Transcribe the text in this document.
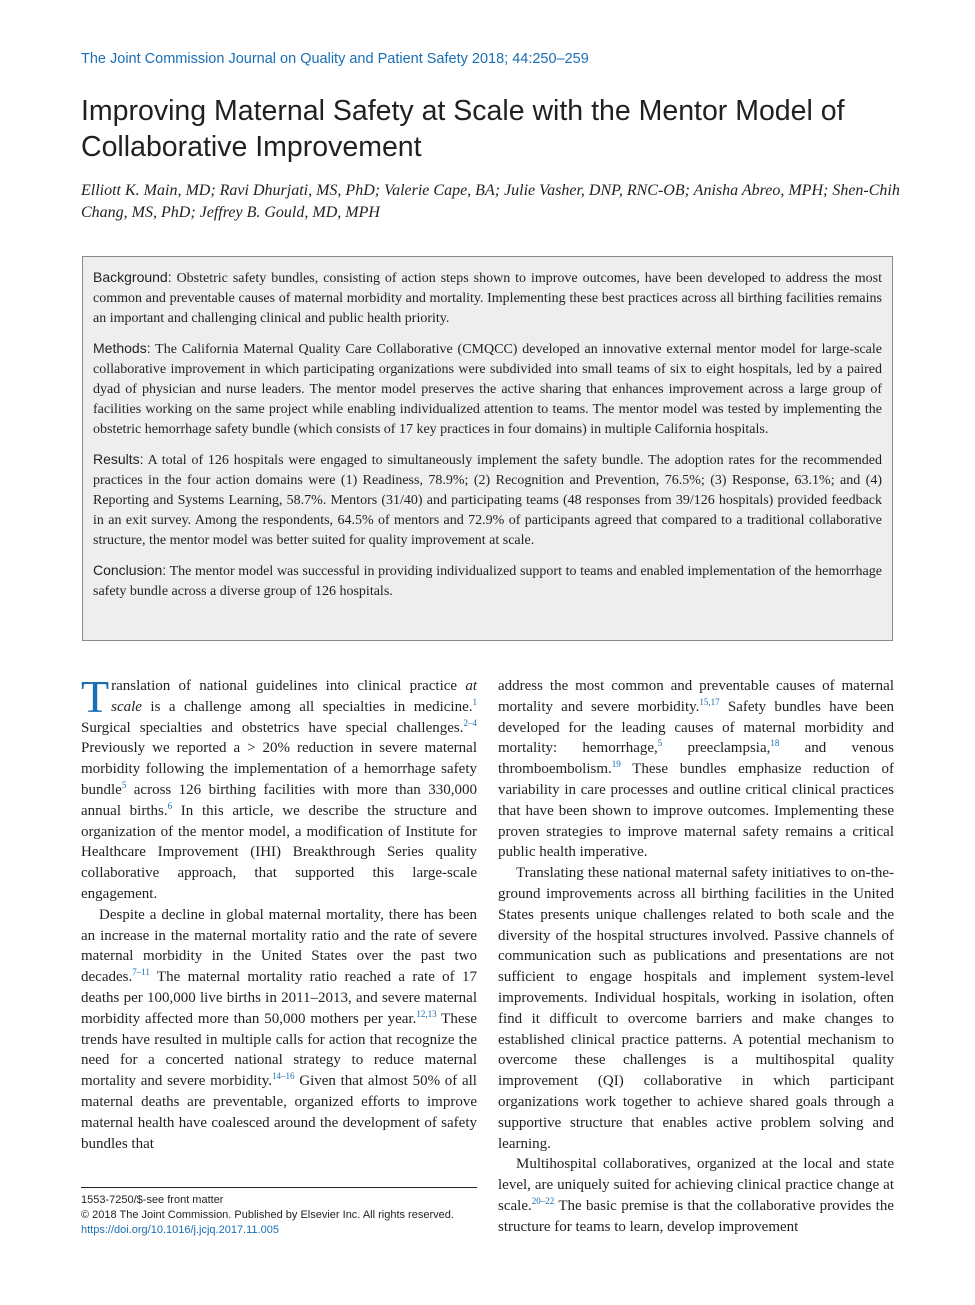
The Joint Commission Journal on Quality and Patient Safety 2018; 44:250–259
Improving Maternal Safety at Scale with the Mentor Model of Collaborative Improvement
Elliott K. Main, MD; Ravi Dhurjati, MS, PhD; Valerie Cape, BA; Julie Vasher, DNP, RNC-OB; Anisha Abreo, MPH; Shen-Chih Chang, MS, PhD; Jeffrey B. Gould, MD, MPH

Background: Obstetric safety bundles, consisting of action steps shown to improve outcomes, have been developed to address the most common and preventable causes of maternal morbidity and mortality. Implementing these best practices across all birthing facilities remains an important and challenging clinical and public health priority.

Methods: The California Maternal Quality Care Collaborative (CMQCC) developed an innovative external mentor model for large-scale collaborative improvement in which participating organizations were subdivided into small teams of six to eight hospitals, led by a paired dyad of physician and nurse leaders. The mentor model preserves the active sharing that enhances improvement across a large group of facilities working on the same project while enabling individualized attention to teams. The mentor model was tested by implementing the obstetric hemorrhage safety bundle (which consists of 17 key practices in four domains) in multiple California hospitals.

Results: A total of 126 hospitals were engaged to simultaneously implement the safety bundle. The adoption rates for the recommended practices in the four action domains were (1) Readiness, 78.9%; (2) Recognition and Prevention, 76.5%; (3) Response, 63.1%; and (4) Reporting and Systems Learning, 58.7%. Mentors (31/40) and participating teams (48 responses from 39/126 hospitals) provided feedback in an exit survey. Among the respondents, 64.5% of mentors and 72.9% of participants agreed that compared to a traditional collaborative structure, the mentor model was better suited for quality improvement at scale.

Conclusion: The mentor model was successful in providing individualized support to teams and enabled implementation of the hemorrhage safety bundle across a diverse group of 126 hospitals.

Translation of national guidelines into clinical practice at scale is a challenge among all specialties in medicine.$^1$ Surgical specialties and obstetrics have special challenges.$^{2-4}$ Previously we reported a > 20% reduction in severe maternal morbidity following the implementation of a hemorrhage safety bundle$^5$ across 126 birthing facilities with more than 330,000 annual births.$^6$ In this article, we describe the structure and organization of the mentor model, a modification of Institute for Healthcare Improvement (IHI) Breakthrough Series quality collaborative approach, that supported this large-scale engagement.

Despite a decline in global maternal mortality, there has been an increase in the maternal mortality ratio and the rate of severe maternal morbidity in the United States over the past two decades.$^{7-11}$ The maternal mortality ratio reached a rate of 17 deaths per 100,000 live births in 2011–2013, and severe maternal morbidity affected more than 50,000 mothers per year.$^{12,13}$ These trends have resulted in multiple calls for action that recognize the need for a concerted national strategy to reduce maternal mortality and severe morbidity.$^{14-16}$ Given that almost 50% of all maternal deaths are preventable, organized efforts to improve maternal health have coalesced around the development of safety bundles that

address the most common and preventable causes of maternal mortality and severe morbidity.$^{15,17}$ Safety bundles have been developed for the leading causes of maternal morbidity and mortality: hemorrhage,$^5$ preeclampsia,$^{18}$ and venous thromboembolism.$^{19}$ These bundles emphasize reduction of variability in care processes and outline critical clinical practices that have been shown to improve outcomes. Implementing these proven strategies to improve maternal safety remains a critical public health imperative.

Translating these national maternal safety initiatives to on-the-ground improvements across all birthing facilities in the United States presents unique challenges related to both scale and the diversity of the hospital structures involved. Passive channels of communication such as publications and presentations are not sufficient to engage hospitals and implement system-level improvements. Individual hospitals, working in isolation, often find it difficult to overcome barriers and make changes to established clinical practice patterns. A potential mechanism to overcome these challenges is a multihospital quality improvement (QI) collaborative in which participant organizations work together to achieve shared goals through a supportive structure that enables active problem solving and learning.

Multihospital collaboratives, organized at the local and state level, are uniquely suited for achieving clinical practice change at scale.$^{20-22}$ The basic premise is that the collaborative provides the structure for teams to learn, develop improvement

1553-7250/$-see front matter
© 2018 The Joint Commission. Published by Elsevier Inc. All rights reserved.
https://doi.org/10.1016/j.jcjq.2017.11.005
